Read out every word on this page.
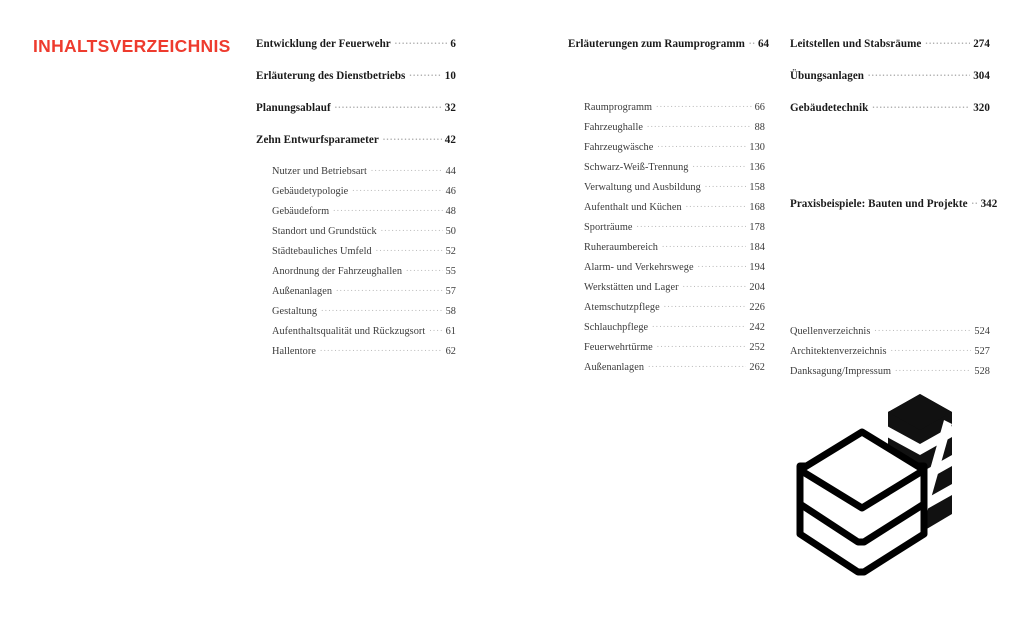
INHALTSVERZEICHNIS Entwicklung der Feuerwehr .....	6
Erläuterung des Dienstbetriebs .....	10
Planungsablauf .....	32
Zehn Entwurfsparameter .....	42
Nutzer und Betriebsart .....	44
Gebäudetypologie .....	46
Gebäudeform .....	48
Standort und Grundstück .....	50
Städtebauliches Umfeld .....	52
Anordnung der Fahrzeughallen .....	55
Außenanlagen .....	57
Gestaltung .....	58
Aufenthaltsqualität und Rückzugsort ..... 61
Hallentore .....	62
Erläuterungen zum Raumprogramm ..... 64
Raumprogramm .....	66
Fahrzeughalle .....	88
Fahrzeugwäsche .....	130
Schwarz-Weiß-Trennung .....	136
Verwaltung und Ausbildung .....	158
Aufenthalt und Küchen .....	168
Sporträume .....	178
Ruheraumbereich .....	184
Alarm- und Verkehrswege .....	194
Werkstätten und Lager .....	204
Atemschutzpflege .....	226
Schlauchpflege .....	242
Feuerwehrtürme .....	252
Außenanlagen .....	262
Leitstellen und Stabsräume .....	274
Übungsanlagen .....	304
Gebäudetechnik .....	320
Praxisbeispiele: Bauten und Projekte ..... 342
Quellenverzeichnis .....	524
Architektenverzeichnis .....	527
Danksagung/Impressum .....	528
